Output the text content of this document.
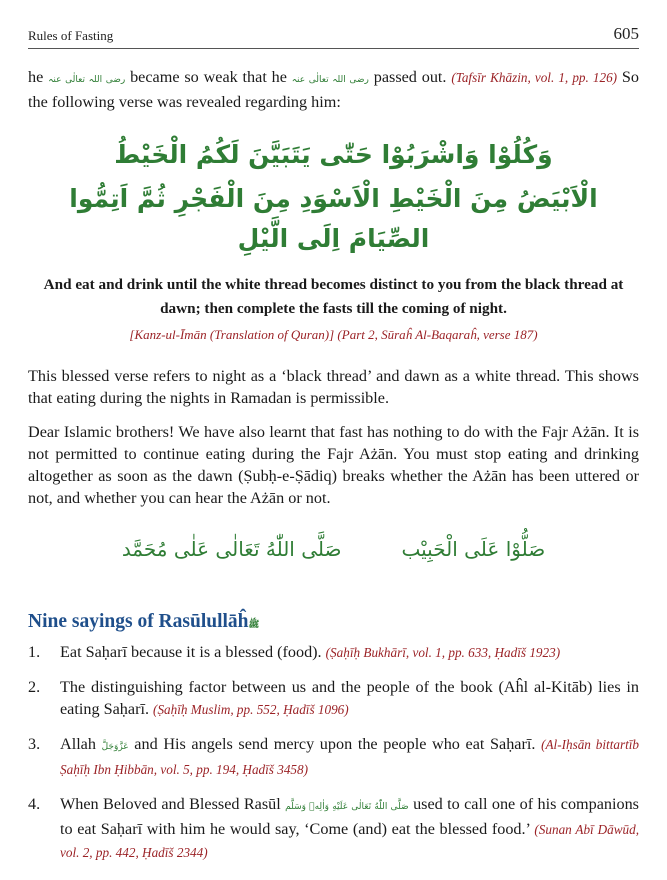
Rules of Fasting	605

he رضی اللہ تعالٰی عنہ became so weak that he رضی اللہ تعالٰی عنہ passed out. (Tafsīr Khāzin, vol. 1, pp. 126) So the following verse was revealed regarding him:

وَكُلُوْا وَاشْرَبُوْا حَتّٰى يَتَبَيَّنَ لَكُمُ الْخَيْطُ
الْاَبْيَضُ مِنَ الْخَيْطِ الْاَسْوَدِ مِنَ الْفَجْرِ ثُمَّ اَتِمُّوا الصِّيَامَ اِلَى الَّيْلِ
And eat and drink until the white thread becomes distinct to you from the black thread at dawn; then complete the fasts till the coming of night.
[Kanz-ul-Īmān (Translation of Quran)] (Part 2, Sūraĥ Al-Baqaraĥ, verse 187)

This blessed verse refers to night as a ‘black thread’ and dawn as a white thread. This shows that eating during the nights in Ramadan is permissible.

Dear Islamic brothers! We have also learnt that fast has nothing to do with the Fajr Ażān. It is not permitted to continue eating during the Fajr Ażān. You must stop eating and drinking altogether as soon as the dawn (Ṣubḥ-e-Ṣādiq) breaks whether the Ażān has been uttered or not, and whether you can hear the Ażān or not.

صَلُّوْا عَلَى الْحَبِيْب
صَلَّى اللّٰهُ تَعَالٰى عَلٰى مُحَمَّد
Nine sayings of Rasūlullāĥﷺ
1. Eat Saḥarī because it is a blessed (food). (Ṣaḥīḥ Bukhārī, vol. 1, pp. 633, Ḥadīš 1923)
2. The distinguishing factor between us and the people of the book (Aĥl al-Kitāb) lies in eating Saḥarī. (Ṣaḥīḥ Muslim, pp. 552, Ḥadīš 1096)
3. Allah عَزَّوَجَلَّ and His angels send mercy upon the people who eat Saḥarī. (Al-Iḥsān bittartīb Ṣaḥīḥ Ibn Ḥibbān, vol. 5, pp. 194, Ḥadīš 3458)
4. When Beloved and Blessed Rasūl صَلَّى اللّٰهُ تَعَالٰى عَلَيْهِ وَاٰلِهٖ وَسَلَّم used to call one of his companions to eat Saḥarī with him he would say, ‘Come (and) eat the blessed food.’ (Sunan Abī Dāwūd, vol. 2, pp. 442, Ḥadīš 2344)
